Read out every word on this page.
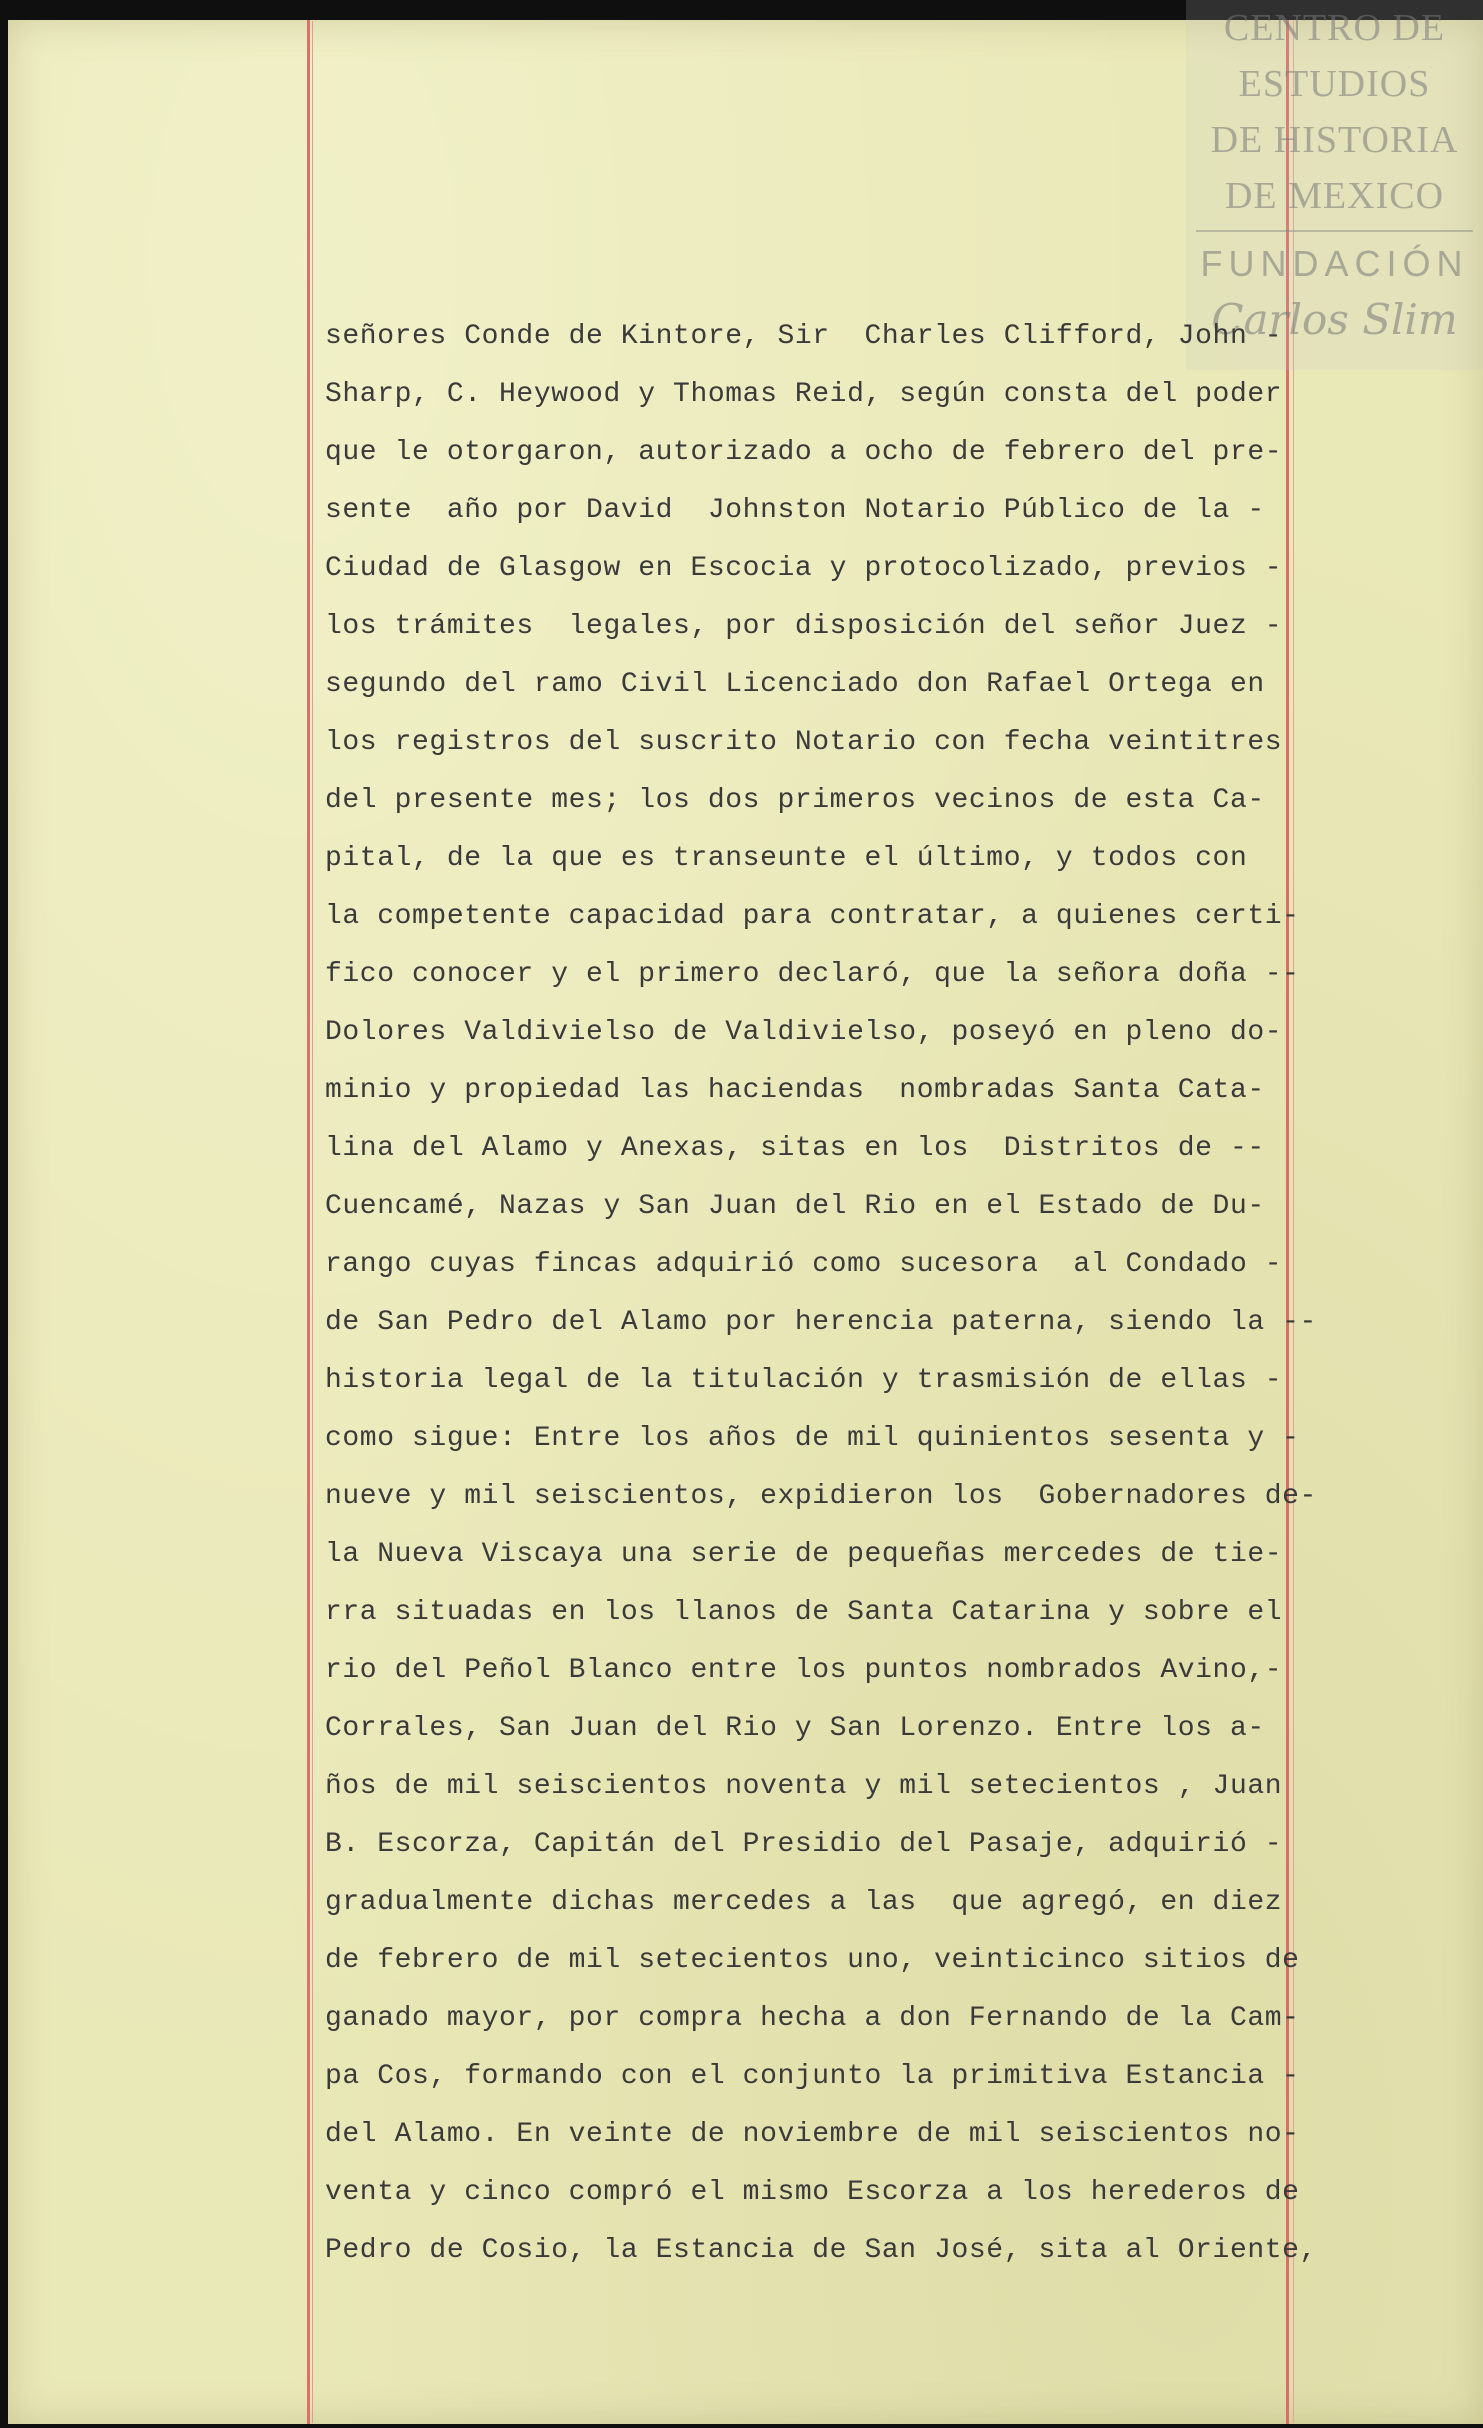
CENTRO DE
ESTUDIOS
DE HISTORIA
DE MEXICO
FUNDACIÓN
Carlos Slim
señores Conde de Kintore, Sir  Charles Clifford, John -
Sharp, C. Heywood y Thomas Reid, según consta del poder
que le otorgaron, autorizado a ocho de febrero del pre-
sente  año por David  Johnston Notario Público de la -
Ciudad de Glasgow en Escocia y protocolizado, previos -
los trámites  legales, por disposición del señor Juez -
segundo del ramo Civil Licenciado don Rafael Ortega en
los registros del suscrito Notario con fecha veintitres
del presente mes; los dos primeros vecinos de esta Ca-
pital, de la que es transeunte el último, y todos con
la competente capacidad para contratar, a quienes certi-
fico conocer y el primero declaró, que la señora doña --
Dolores Valdivielso de Valdivielso, poseyó en pleno do-
minio y propiedad las haciendas  nombradas Santa Cata-
lina del Alamo y Anexas, sitas en los  Distritos de --
Cuencamé, Nazas y San Juan del Rio en el Estado de Du-
rango cuyas fincas adquirió como sucesora  al Condado -
de San Pedro del Alamo por herencia paterna, siendo la --
historia legal de la titulación y trasmisión de ellas -
como sigue: Entre los años de mil quinientos sesenta y -
nueve y mil seiscientos, expidieron los  Gobernadores de-
la Nueva Viscaya una serie de pequeñas mercedes de tie-
rra situadas en los llanos de Santa Catarina y sobre el
rio del Peñol Blanco entre los puntos nombrados Avino,-
Corrales, San Juan del Rio y San Lorenzo. Entre los a-
ños de mil seiscientos noventa y mil setecientos , Juan
B. Escorza, Capitán del Presidio del Pasaje, adquirió -
gradualmente dichas mercedes a las  que agregó, en diez
de febrero de mil setecientos uno, veinticinco sitios de
ganado mayor, por compra hecha a don Fernando de la Cam-
pa Cos, formando con el conjunto la primitiva Estancia -
del Alamo. En veinte de noviembre de mil seiscientos no-
venta y cinco compró el mismo Escorza a los herederos de
Pedro de Cosio, la Estancia de San José, sita al Oriente,
